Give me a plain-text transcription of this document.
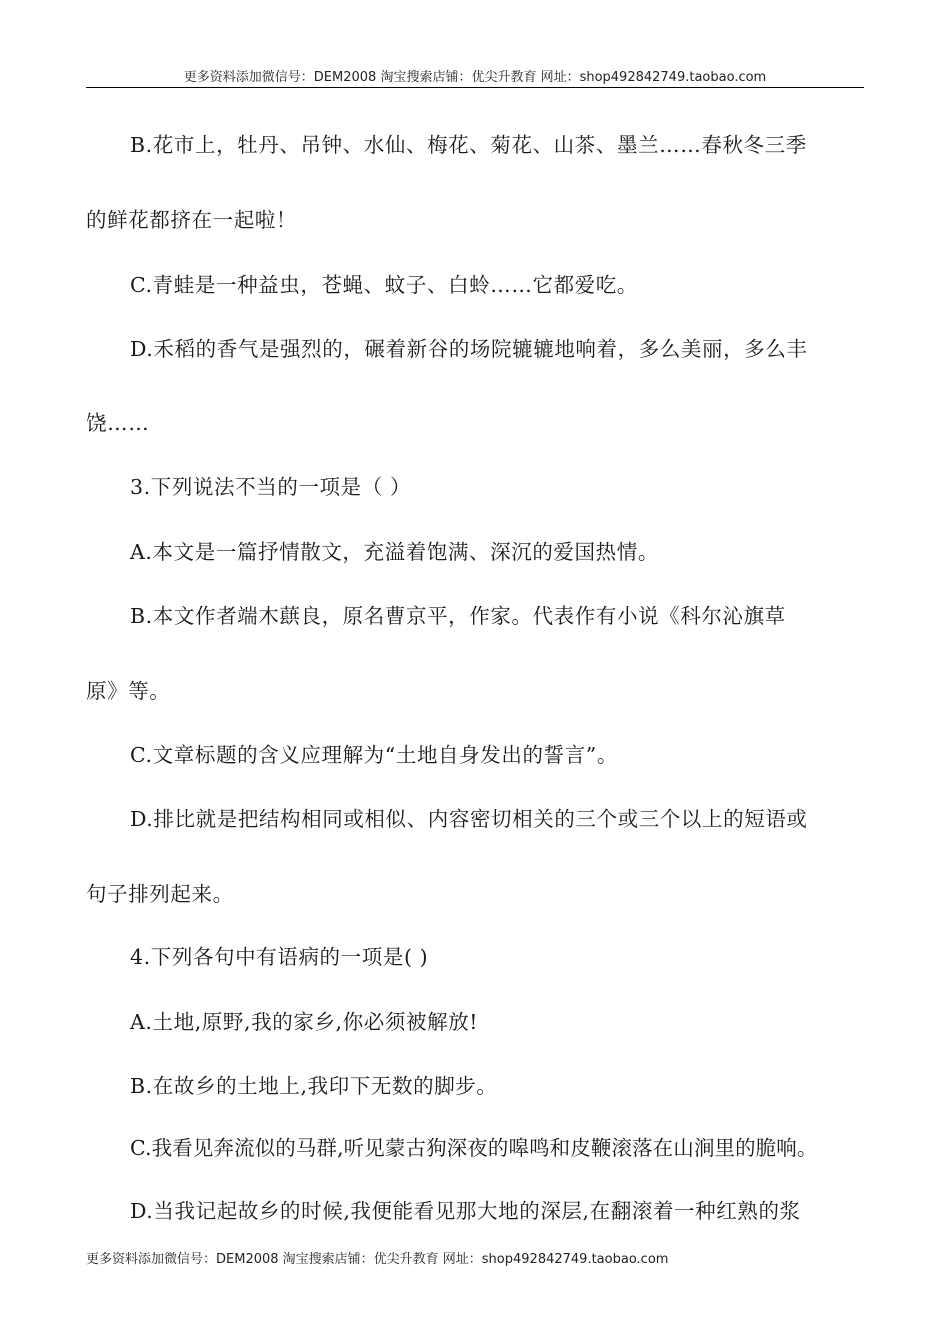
更多资料添加微信号：DEM2008 淘宝搜索店铺：优尖升教育 网址：shop492842749.taobao.com
B.花市上，牡丹、吊钟、水仙、梅花、菊花、山茶、墨兰……春秋冬三季
的鲜花都挤在一起啦！
C.青蛙是一种益虫，苍蝇、蚊子、白蛉……它都爱吃。
D.禾稻的香气是强烈的，碾着新谷的场院辘辘地响着，多么美丽，多么丰
饶……
3.下列说法不当的一项是（ ）
A.本文是一篇抒情散文，充溢着饱满、深沉的爱国热情。
B.本文作者端木蕻良，原名曹京平，作家。代表作有小说《科尔沁旗草
原》等。
C.文章标题的含义应理解为“土地自身发出的誓言”。
D.排比就是把结构相同或相似、内容密切相关的三个或三个以上的短语或
句子排列起来。
4.下列各句中有语病的一项是( )
A.土地,原野,我的家乡,你必须被解放!
B.在故乡的土地上,我印下无数的脚步。
C.我看见奔流似的马群,听见蒙古狗深夜的嗥鸣和皮鞭滚落在山涧里的脆响。
D.当我记起故乡的时候,我便能看见那大地的深层,在翻滚着一种红熟的浆
更多资料添加微信号：DEM2008 淘宝搜索店铺：优尖升教育 网址：shop492842749.taobao.com
